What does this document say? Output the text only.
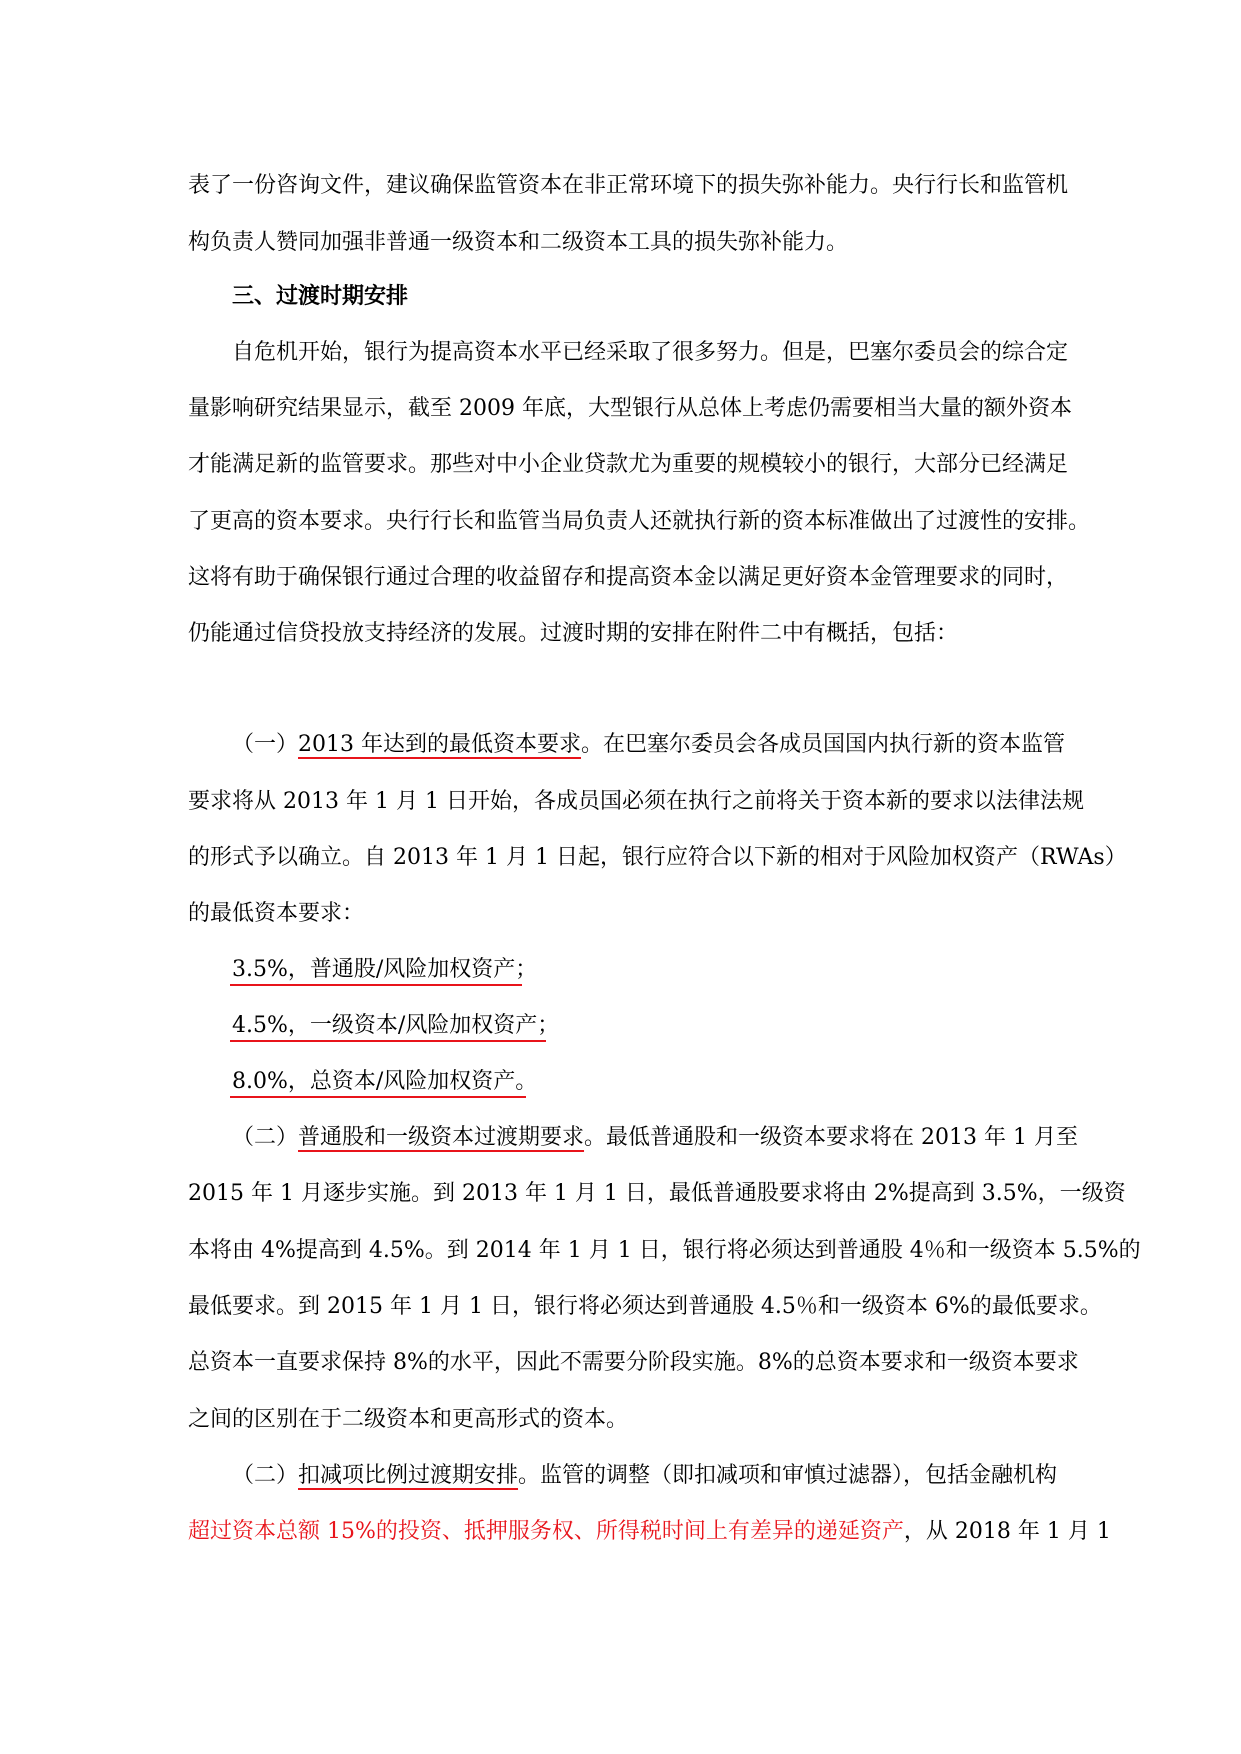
表了一份咨询文件，建议确保监管资本在非正常环境下的损失弥补能力。央行行长和监管机
构负责人赞同加强非普通一级资本和二级资本工具的损失弥补能力。
三、过渡时期安排
自危机开始，银行为提高资本水平已经采取了很多努力。但是，巴塞尔委员会的综合定
量影响研究结果显示，截至 2009 年底，大型银行从总体上考虑仍需要相当大量的额外资本
才能满足新的监管要求。那些对中小企业贷款尤为重要的规模较小的银行，大部分已经满足
了更高的资本要求。央行行长和监管当局负责人还就执行新的资本标准做出了过渡性的安排。
这将有助于确保银行通过合理的收益留存和提高资本金以满足更好资本金管理要求的同时，
仍能通过信贷投放支持经济的发展。过渡时期的安排在附件二中有概括，包括：
（一）2013 年达到的最低资本要求。在巴塞尔委员会各成员国国内执行新的资本监管
要求将从 2013 年 1 月 1 日开始，各成员国必须在执行之前将关于资本新的要求以法律法规
的形式予以确立。自 2013 年 1 月 1 日起，银行应符合以下新的相对于风险加权资产（RWAs）
的最低资本要求：
3.5%，普通股/风险加权资产；
4.5%，一级资本/风险加权资产；
8.0%，总资本/风险加权资产。
（二）普通股和一级资本过渡期要求。最低普通股和一级资本要求将在 2013 年 1 月至
2015 年 1 月逐步实施。到 2013 年 1 月 1 日，最低普通股要求将由 2%提高到 3.5%，一级资
本将由 4%提高到 4.5%。到 2014 年 1 月 1 日，银行将必须达到普通股 4％和一级资本 5.5%的
最低要求。到 2015 年 1 月 1 日，银行将必须达到普通股 4.5％和一级资本 6%的最低要求。
总资本一直要求保持 8%的水平，因此不需要分阶段实施。8%的总资本要求和一级资本要求
之间的区别在于二级资本和更高形式的资本。
（二）扣减项比例过渡期安排。监管的调整（即扣减项和审慎过滤器），包括金融机构
超过资本总额 15%的投资、抵押服务权、所得税时间上有差异的递延资产，从 2018 年 1 月 1
